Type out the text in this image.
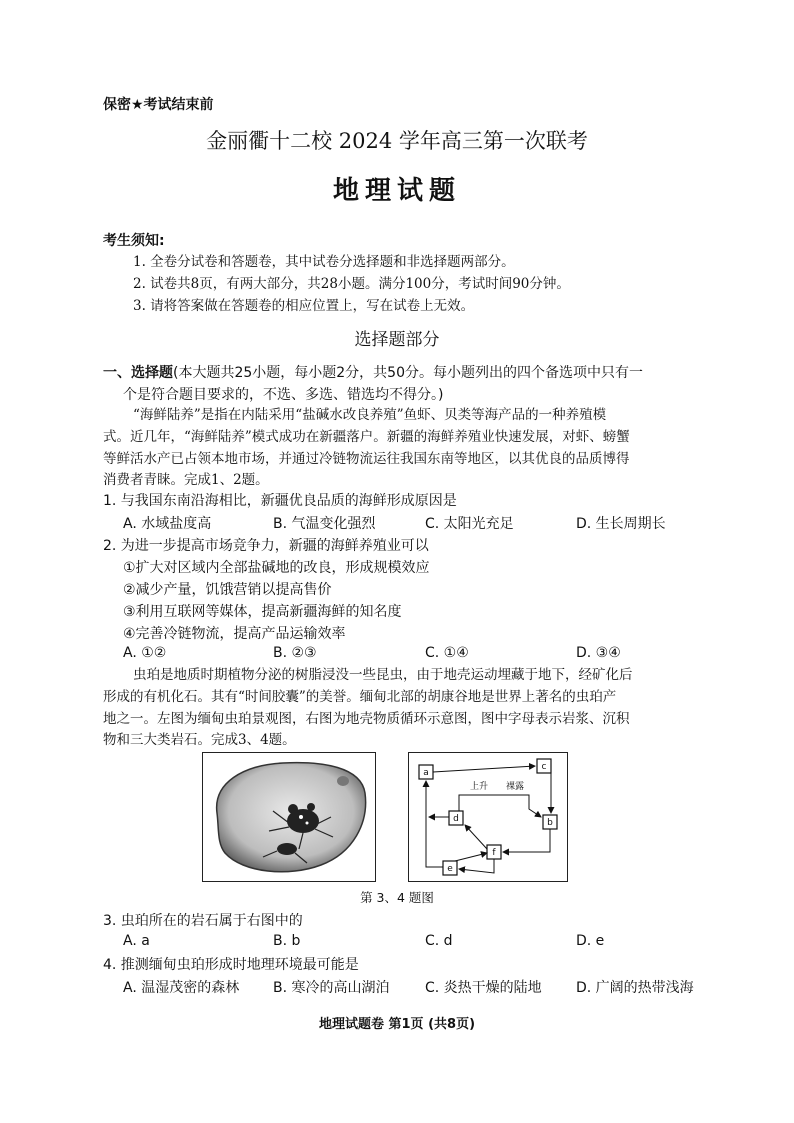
保密★考试结束前
金丽衢十二校 2024 学年高三第一次联考
地理试题
考生须知:
1. 全卷分试卷和答题卷，其中试卷分选择题和非选择题两部分。
2. 试卷共8页，有两大部分，共28小题。满分100分，考试时间90分钟。
3. 请将答案做在答题卷的相应位置上，写在试卷上无效。
选择题部分
一、选择题(本大题共25小题，每小题2分，共50分。每小题列出的四个备选项中只有一
个是符合题目要求的，不选、多选、错选均不得分。)
“海鲜陆养”是指在内陆采用“盐碱水改良养殖”鱼虾、贝类等海产品的一种养殖模
式。近几年，“海鲜陆养”模式成功在新疆落户。新疆的海鲜养殖业快速发展，对虾、螃蟹
等鲜活水产已占领本地市场，并通过冷链物流运往我国东南等地区，以其优良的品质博得
消费者青睐。完成1、2题。
1. 与我国东南沿海相比，新疆优良品质的海鲜形成原因是
A. 水域盐度高	B. 气温变化强烈	C. 太阳光充足	D. 生长周期长
2. 为进一步提高市场竞争力，新疆的海鲜养殖业可以
①扩大对区域内全部盐碱地的改良，形成规模效应
②减少产量，饥饿营销以提高售价
③利用互联网等媒体，提高新疆海鲜的知名度
④完善冷链物流，提高产品运输效率
A. ①②	B. ②③	C. ①④	D. ③④
虫珀是地质时期植物分泌的树脂浸没一些昆虫，由于地壳运动埋藏于地下，经矿化后
形成的有机化石。其有“时间胶囊”的美誉。缅甸北部的胡康谷地是世界上著名的虫珀产
地之一。左图为缅甸虫珀景观图，右图为地壳物质循环示意图，图中字母表示岩浆、沉积
物和三大类岩石。完成3、4题。
a
b
c
d
e
f
上升 裸露
第 3、4 题图
3. 虫珀所在的岩石属于右图中的
A. a	B. b	C. d	D. e
4. 推测缅甸虫珀形成时地理环境最可能是
A. 温湿茂密的森林 B. 寒冷的高山湖泊	C. 炎热干燥的陆地 D. 广阔的热带浅海
地理试题卷 第1页 (共8页)
